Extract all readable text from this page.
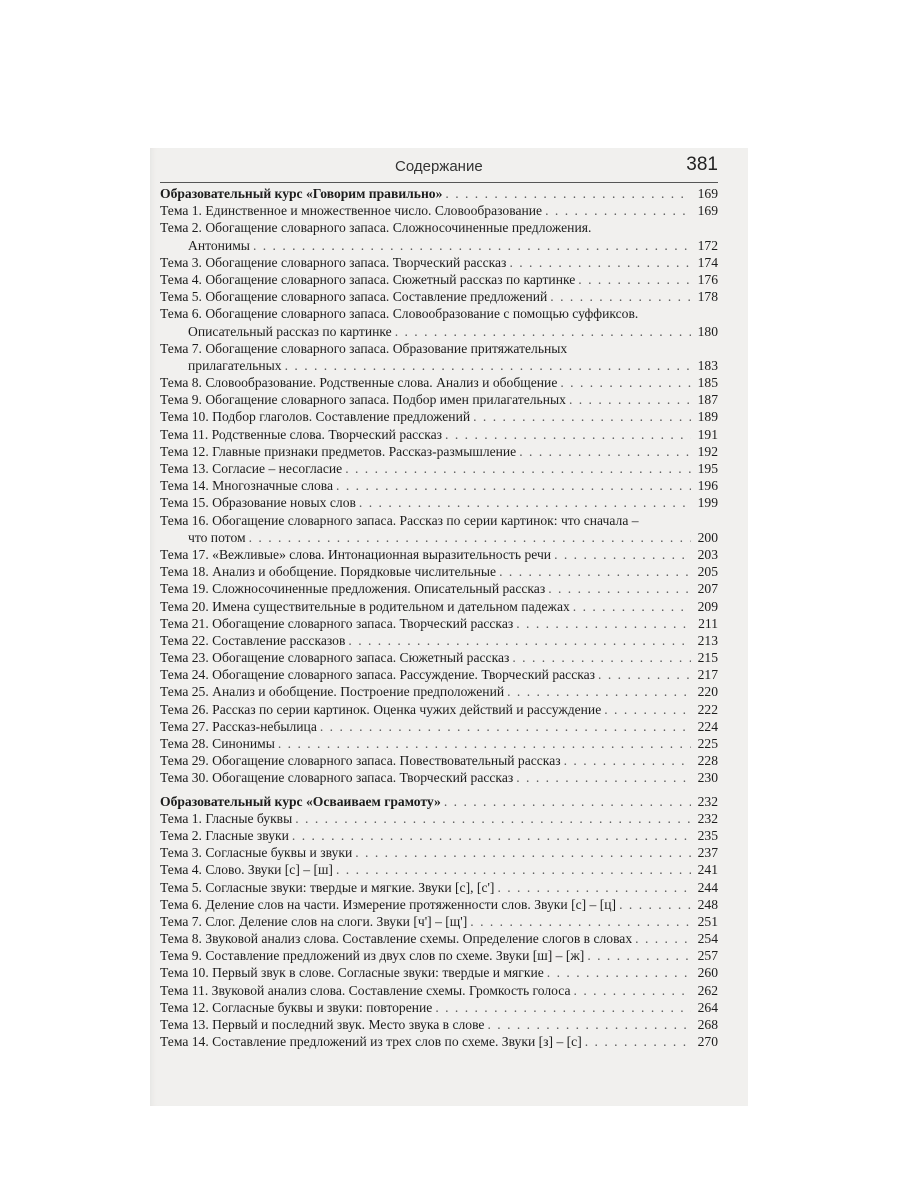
Содержание	381
Образовательный курс «Говорим правильно» . . .	169
Тема 1. Единственное и множественное число. Словообразование . . .	169
Тема 2. Обогащение словарного запаса. Сложносочиненные предложения.
Антонимы . . .	172
Тема 3. Обогащение словарного запаса. Творческий рассказ . . .	174
Тема 4. Обогащение словарного запаса. Сюжетный рассказ по картинке . . .	176
Тема 5. Обогащение словарного запаса. Составление предложений . . .	178
Тема 6. Обогащение словарного запаса. Словообразование с помощью суффиксов.
Описательный рассказ по картинке . . .	180
Тема 7. Обогащение словарного запаса. Образование притяжательных
прилагательных . . .	183
Тема 8. Словообразование. Родственные слова. Анализ и обобщение . . .	185
Тема 9. Обогащение словарного запаса. Подбор имен прилагательных . . .	187
Тема 10. Подбор глаголов. Составление предложений . . .	189
Тема 11. Родственные слова. Творческий рассказ . . .	191
Тема 12. Главные признаки предметов. Рассказ-размышление . . .	192
Тема 13. Согласие – несогласие . . .	195
Тема 14. Многозначные слова . . .	196
Тема 15. Образование новых слов . . .	199
Тема 16. Обогащение словарного запаса. Рассказ по серии картинок: что сначала –
что потом . . .	200
Тема 17. «Вежливые» слова. Интонационная выразительность речи . . .	203
Тема 18. Анализ и обобщение. Порядковые числительные . . .	205
Тема 19. Сложносочиненные предложения. Описательный рассказ . . .	207
Тема 20. Имена существительные в родительном и дательном падежах . . .	209
Тема 21. Обогащение словарного запаса. Творческий рассказ . . .	211
Тема 22. Составление рассказов . . .	213
Тема 23. Обогащение словарного запаса. Сюжетный рассказ . . .	215
Тема 24. Обогащение словарного запаса. Рассуждение. Творческий рассказ . . .	217
Тема 25. Анализ и обобщение. Построение предположений . . .	220
Тема 26. Рассказ по серии картинок. Оценка чужих действий и рассуждение . . .	222
Тема 27. Рассказ-небылица . . .	224
Тема 28. Синонимы . . .	225
Тема 29. Обогащение словарного запаса. Повествовательный рассказ . . .	228
Тема 30. Обогащение словарного запаса. Творческий рассказ . . .	230
Образовательный курс «Осваиваем грамоту» . . .	232
Тема 1. Гласные буквы . . .	232
Тема 2. Гласные звуки . . .	235
Тема 3. Согласные буквы и звуки . . .	237
Тема 4. Слово. Звуки [с] – [ш] . . .	241
Тема 5. Согласные звуки: твердые и мягкие. Звуки [с], [с'] . . .	244
Тема 6. Деление слов на части. Измерение протяженности слов. Звуки [с] – [ц] . . .	248
Тема 7. Слог. Деление слов на слоги. Звуки [ч'] – [щ'] . . .	251
Тема 8. Звуковой анализ слова. Составление схемы. Определение слогов в словах . . .	254
Тема 9. Составление предложений из двух слов по схеме. Звуки [ш] – [ж] . . .	257
Тема 10. Первый звук в слове. Согласные звуки: твердые и мягкие . . .	260
Тема 11. Звуковой анализ слова. Составление схемы. Громкость голоса . . .	262
Тема 12. Согласные буквы и звуки: повторение . . .	264
Тема 13. Первый и последний звук. Место звука в слове . . .	268
Тема 14. Составление предложений из трех слов по схеме. Звуки [з] – [с] . . .	270
